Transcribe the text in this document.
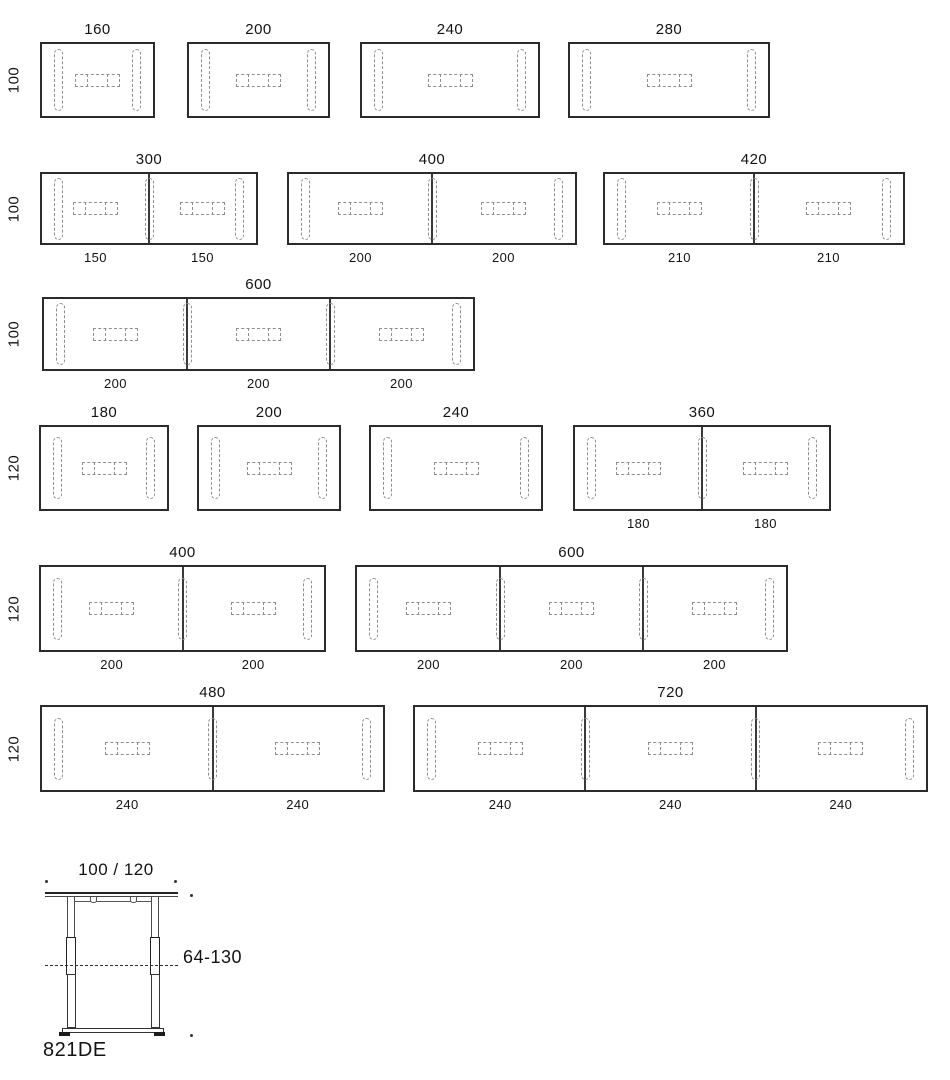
100
160	200	240	280
100
300
150	150
400
200	200
420
210	210
100
600
200	200	200
120
180	200	240	360
180	180
120
400
200	200
600
200	200	200
120
480
240	240
720
240	240	240
100 / 120
64-130
821DE
